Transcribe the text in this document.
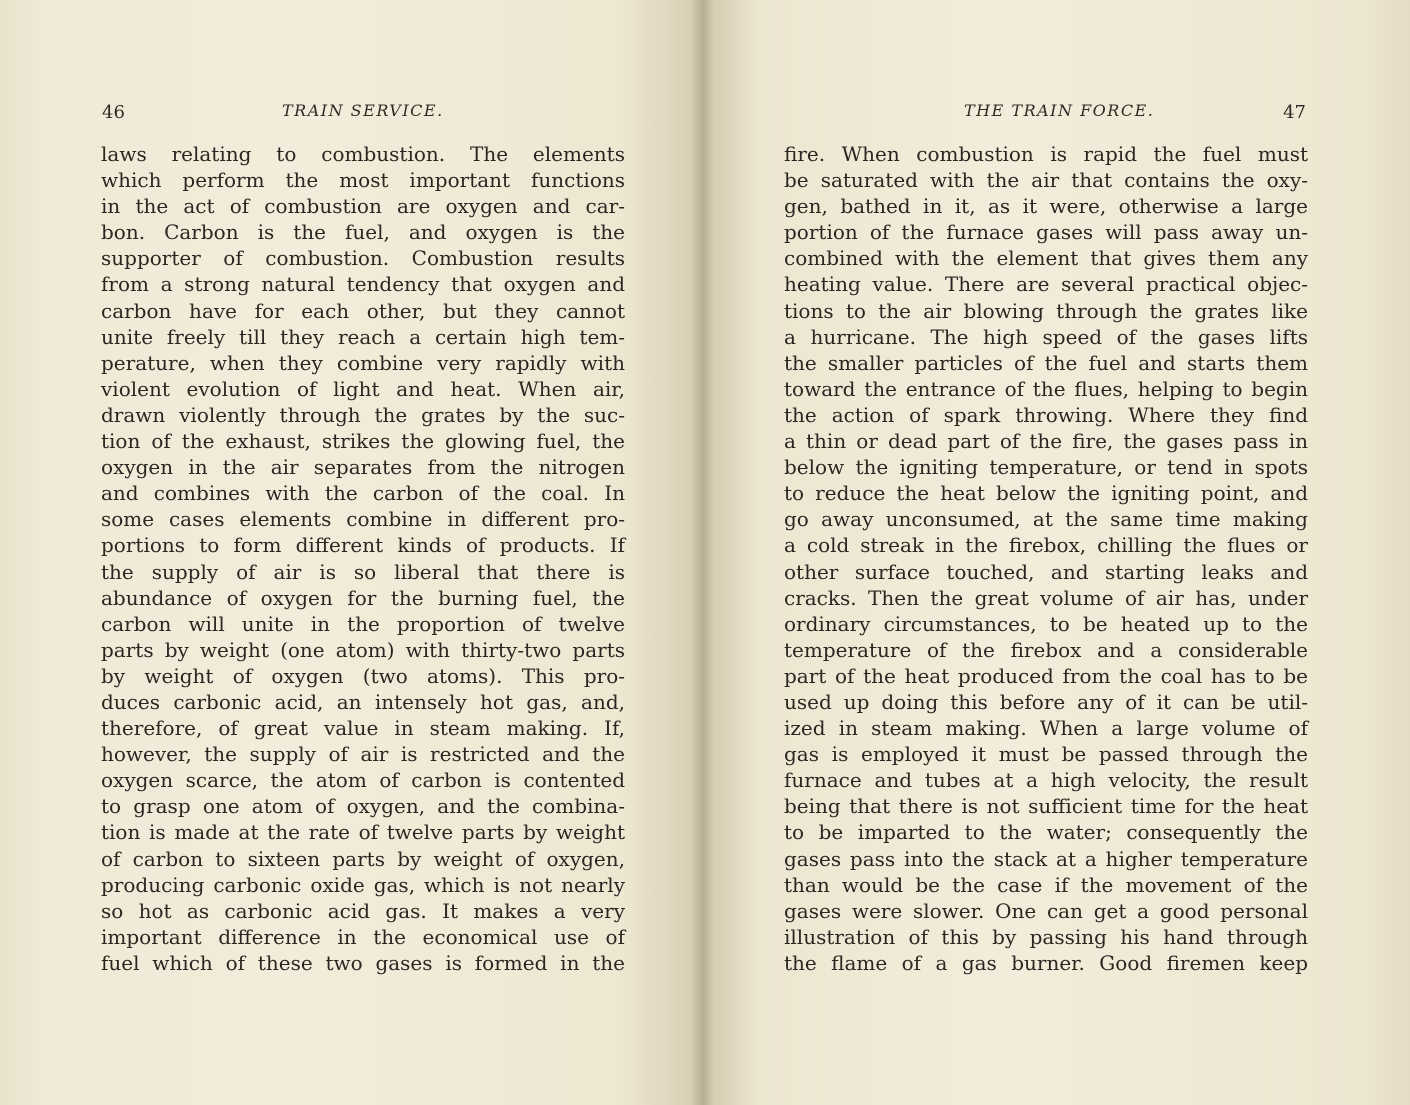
46	TRAIN SERVICE.
laws relating to combustion. The elements
which perform the most important functions
in the act of combustion are oxygen and car-
bon. Carbon is the fuel, and oxygen is the
supporter of combustion. Combustion results
from a strong natural tendency that oxygen and
carbon have for each other, but they cannot
unite freely till they reach a certain high tem-
perature, when they combine very rapidly with
violent evolution of light and heat. When air,
drawn violently through the grates by the suc-
tion of the exhaust, strikes the glowing fuel, the
oxygen in the air separates from the nitrogen
and combines with the carbon of the coal. In
some cases elements combine in different pro-
portions to form different kinds of products. If
the supply of air is so liberal that there is
abundance of oxygen for the burning fuel, the
carbon will unite in the proportion of twelve
parts by weight (one atom) with thirty-two parts
by weight of oxygen (two atoms). This pro-
duces carbonic acid, an intensely hot gas, and,
therefore, of great value in steam making. If,
however, the supply of air is restricted and the
oxygen scarce, the atom of carbon is contented
to grasp one atom of oxygen, and the combina-
tion is made at the rate of twelve parts by weight
of carbon to sixteen parts by weight of oxygen,
producing carbonic oxide gas, which is not nearly
so hot as carbonic acid gas. It makes a very
important difference in the economical use of
fuel which of these two gases is formed in the
THE TRAIN FORCE.	47
fire. When combustion is rapid the fuel must
be saturated with the air that contains the oxy-
gen, bathed in it, as it were, otherwise a large
portion of the furnace gases will pass away un-
combined with the element that gives them any
heating value. There are several practical objec-
tions to the air blowing through the grates like
a hurricane. The high speed of the gases lifts
the smaller particles of the fuel and starts them
toward the entrance of the flues, helping to begin
the action of spark throwing. Where they find
a thin or dead part of the fire, the gases pass in
below the igniting temperature, or tend in spots
to reduce the heat below the igniting point, and
go away unconsumed, at the same time making
a cold streak in the firebox, chilling the flues or
other surface touched, and starting leaks and
cracks. Then the great volume of air has, under
ordinary circumstances, to be heated up to the
temperature of the firebox and a considerable
part of the heat produced from the coal has to be
used up doing this before any of it can be util-
ized in steam making. When a large volume of
gas is employed it must be passed through the
furnace and tubes at a high velocity, the result
being that there is not sufficient time for the heat
to be imparted to the water; consequently the
gases pass into the stack at a higher temperature
than would be the case if the movement of the
gases were slower. One can get a good personal
illustration of this by passing his hand through
the flame of a gas burner. Good firemen keep
